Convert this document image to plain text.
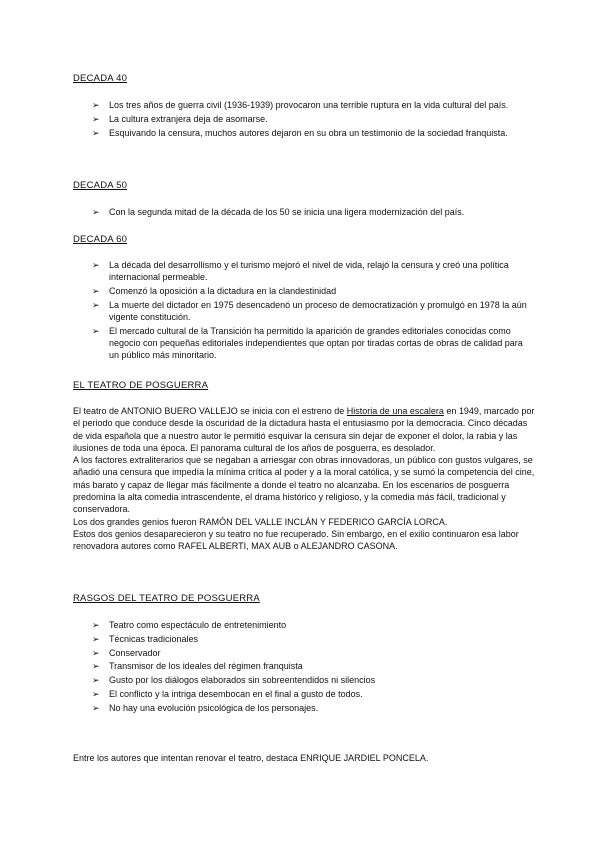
DECADA 40
➢ Los tres años de guerra civil (1936-1939) provocaron una terrible ruptura en la vida cultural del país.
➢ La cultura extranjera deja de asomarse.
➢ Esquivando la censura, muchos autores dejaron en su obra un testimonio de la sociedad franquista.
DECADA 50
➢ Con la segunda mitad de la década de los 50 se inicia una ligera modernización del país.
DECADA 60
➢ La década del desarrollismo y el turismo mejoró el nivel de vida, relajó la censura y creó una política internacional permeable.
➢ Comenzó la oposición a la dictadura en la clandestinidad
➢ La muerte del dictador en 1975 desencadenó un proceso de democratización y promulgó en 1978 la aún vigente constitución.
➢ El mercado cultural de la Transición ha permitido la aparición de grandes editoriales conocidas como negocio con pequeñas editoriales independientes que optan por tiradas cortas de obras de calidad para un público más minoritario.
EL TEATRO DE POSGUERRA
El teatro de ANTONIO BUERO VALLEJO se inicia con el estreno de Historia de una escalera en 1949, marcado por el periodo que conduce desde la oscuridad de la dictadura hasta el entusiasmo por la democracia. Cinco décadas de vida española que a nuestro autor le permitió esquivar la censura sin dejar de exponer el dolor, la rabia y las ilusiones de toda una época. El panorama cultural de los años de posguerra, es desolador.
A los factores extraliterarios que se negaban a arriesgar con obras innovadoras, un público con gustos vulgares, se añadió una censura que impedía la mínima crítica al poder y a la moral católica, y se sumó la competencia del cine, más barato y capaz de llegar más fácilmente a donde el teatro no alcanzaba. En los escenarios de posguerra predomina la alta comedia intrascendente, el drama histórico y religioso, y la comedia más fácil, tradicional y conservadora.
Los dos grandes genios fueron RAMÓN DEL VALLE INCLÁN Y FEDERICO GARCÍA LORCA.
Estos dos genios desaparecieron y su teatro no fue recuperado. Sin embargo, en el exilio continuaron esa labor renovadora autores como RAFEL ALBERTI, MAX AUB o ALEJANDRO CASONA.
RASGOS DEL TEATRO DE POSGUERRA
➢ Teatro como espectáculo de entretenimiento
➢ Técnicas tradicionales
➢ Conservador
➢ Transmisor de los ideales del régimen franquista
➢ Gusto por los diálogos elaborados sin sobreentendidos ni silencios
➢ El conflicto y la intriga desembocan en el final a gusto de todos.
➢ No hay una evolución psicológica de los personajes.
Entre los autores que intentan renovar el teatro, destaca ENRIQUE JARDIEL PONCELA.
